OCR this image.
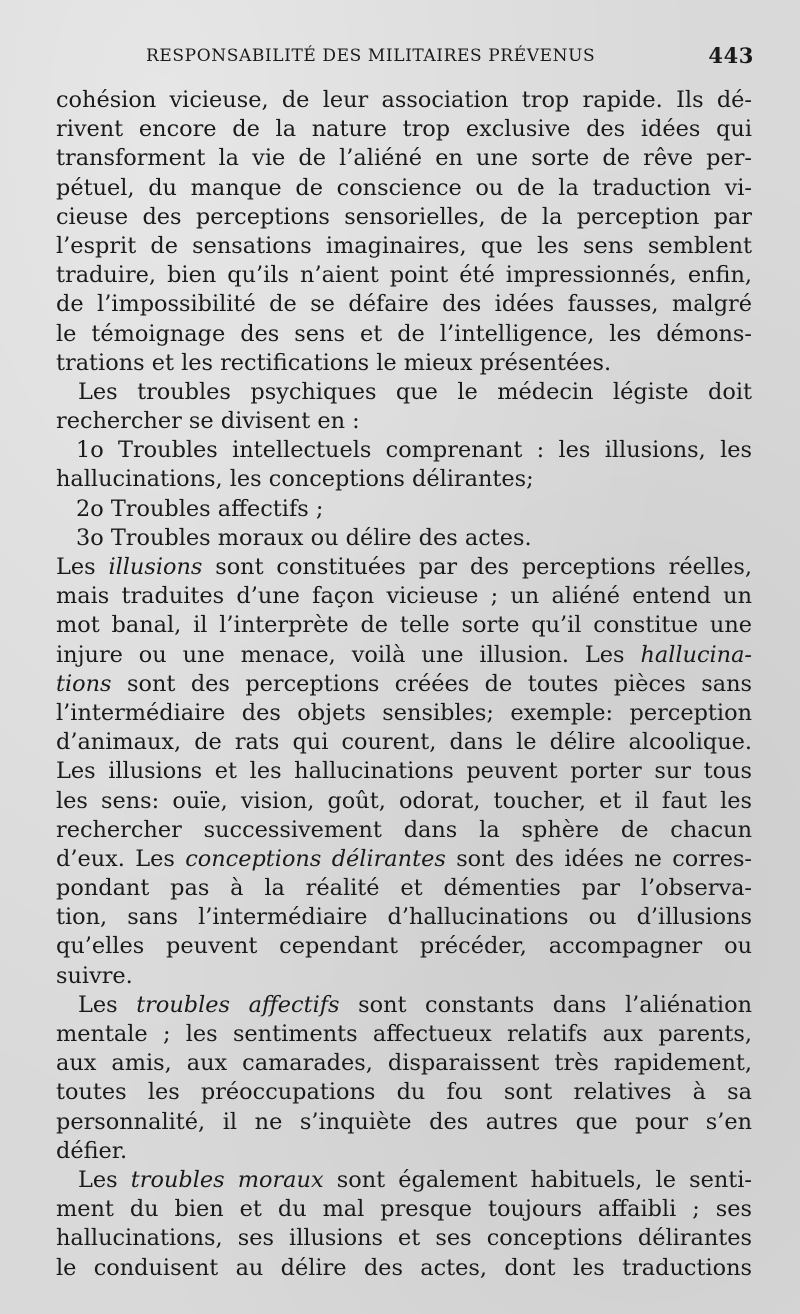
RESPONSABILITÉ DES MILITAIRES PRÉVENUS	443
cohésion vicieuse, de leur association trop rapide. Ils dé-
rivent encore de la nature trop exclusive des idées qui
transforment la vie de l’aliéné en une sorte de rêve per-
pétuel, du manque de conscience ou de la traduction vi-
cieuse des perceptions sensorielles, de la perception par
l’esprit de sensations imaginaires, que les sens semblent
traduire, bien qu’ils n’aient point été impressionnés, enfin,
de l’impossibilité de se défaire des idées fausses, malgré
le témoignage des sens et de l’intelligence, les démons-
trations et les rectifications le mieux présentées.
Les troubles psychiques que le médecin légiste doit
rechercher se divisent en :
1o Troubles intellectuels comprenant : les illusions, les
hallucinations, les conceptions délirantes;
2o Troubles affectifs ;
3o Troubles moraux ou délire des actes.
Les illusions sont constituées par des perceptions réelles,
mais traduites d’une façon vicieuse ; un aliéné entend un
mot banal, il l’interprète de telle sorte qu’il constitue une
injure ou une menace, voilà une illusion. Les hallucina-
tions sont des perceptions créées de toutes pièces sans
l’intermédiaire des objets sensibles; exemple: perception
d’animaux, de rats qui courent, dans le délire alcoolique.
Les illusions et les hallucinations peuvent porter sur tous
les sens: ouïe, vision, goût, odorat, toucher, et il faut les
rechercher successivement dans la sphère de chacun
d’eux. Les conceptions délirantes sont des idées ne corres-
pondant pas à la réalité et démenties par l’observa-
tion, sans l’intermédiaire d’hallucinations ou d’illusions
qu’elles peuvent cependant précéder, accompagner ou
suivre.
Les troubles affectifs sont constants dans l’aliénation
mentale ; les sentiments affectueux relatifs aux parents,
aux amis, aux camarades, disparaissent très rapidement,
toutes les préoccupations du fou sont relatives à sa
personnalité, il ne s’inquiète des autres que pour s’en
défier.
Les troubles moraux sont également habituels, le senti-
ment du bien et du mal presque toujours affaibli ; ses
hallucinations, ses illusions et ses conceptions délirantes
le conduisent au délire des actes, dont les traductions
